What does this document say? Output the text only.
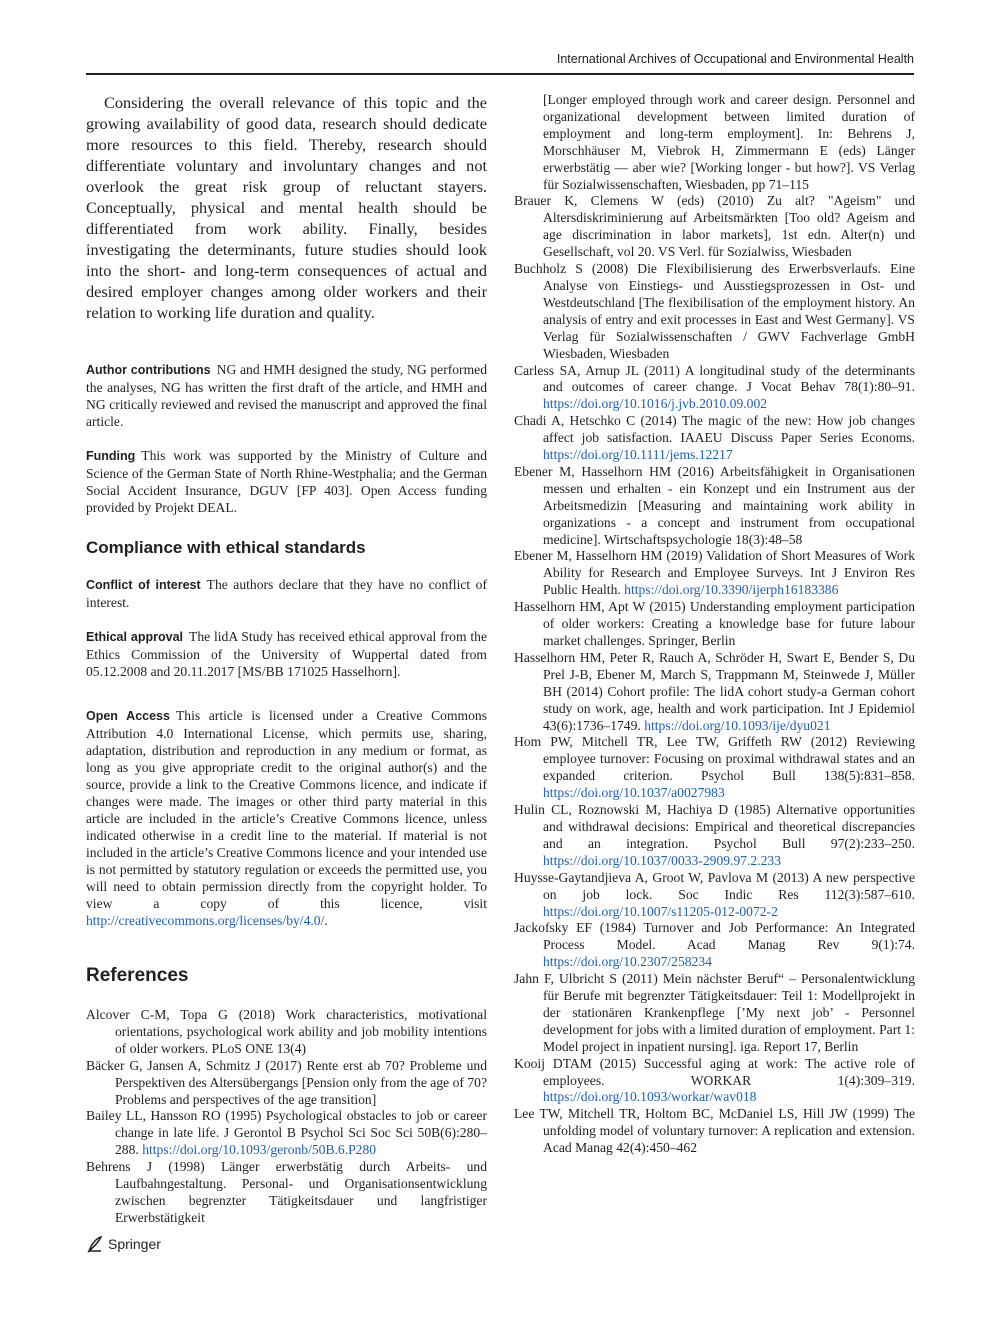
International Archives of Occupational and Environmental Health

Considering the overall relevance of this topic and the growing availability of good data, research should dedicate more resources to this field. Thereby, research should differentiate voluntary and involuntary changes and not overlook the great risk group of reluctant stayers. Conceptually, physical and mental health should be differentiated from work ability. Finally, besides investigating the determinants, future studies should look into the short- and long-term consequences of actual and desired employer changes among older workers and their relation to working life duration and quality.

Author contributions NG and HMH designed the study, NG performed the analyses, NG has written the first draft of the article, and HMH and NG critically reviewed and revised the manuscript and approved the final article.

Funding This work was supported by the Ministry of Culture and Science of the German State of North Rhine-Westphalia; and the German Social Accident Insurance, DGUV [FP 403]. Open Access funding provided by Projekt DEAL.

Compliance with ethical standards

Conflict of interest The authors declare that they have no conflict of interest.

Ethical approval The lidA Study has received ethical approval from the Ethics Commission of the University of Wuppertal dated from 05.12.2008 and 20.11.2017 [MS/BB 171025 Hasselhorn].

Open Access This article is licensed under a Creative Commons Attribution 4.0 International License, which permits use, sharing, adaptation, distribution and reproduction in any medium or format, as long as you give appropriate credit to the original author(s) and the source, provide a link to the Creative Commons licence, and indicate if changes were made. The images or other third party material in this article are included in the article’s Creative Commons licence, unless indicated otherwise in a credit line to the material. If material is not included in the article’s Creative Commons licence and your intended use is not permitted by statutory regulation or exceeds the permitted use, you will need to obtain permission directly from the copyright holder. To view a copy of this licence, visit http://creativecommons.org/licenses/by/4.0/.

References

Alcover C-M, Topa G (2018) Work characteristics, motivational orientations, psychological work ability and job mobility intentions of older workers. PLoS ONE 13(4)

Bäcker G, Jansen A, Schmitz J (2017) Rente erst ab 70? Probleme und Perspektiven des Altersübergangs [Pension only from the age of 70? Problems and perspectives of the age transition]

Bailey LL, Hansson RO (1995) Psychological obstacles to job or career change in late life. J Gerontol B Psychol Sci Soc Sci 50B(6):280–288. https://doi.org/10.1093/geronb/50B.6.P280

Behrens J (1998) Länger erwerbstätig durch Arbeits- und Laufbahngestaltung. Personal- und Organisationsentwicklung zwischen begrenzter Tätigkeitsdauer und langfristiger Erwerbstätigkeit

[Longer employed through work and career design. Personnel and organizational development between limited duration of employment and long-term employment]. In: Behrens J, Morschhäuser M, Viebrok H, Zimmermann E (eds) Länger erwerbstätig — aber wie? [Working longer - but how?]. VS Verlag für Sozialwissenschaften, Wiesbaden, pp 71–115

Brauer K, Clemens W (eds) (2010) Zu alt? "Ageism" und Altersdiskriminierung auf Arbeitsmärkten [Too old? Ageism and age discrimination in labor markets], 1st edn. Alter(n) und Gesellschaft, vol 20. VS Verl. für Sozialwiss, Wiesbaden

Buchholz S (2008) Die Flexibilisierung des Erwerbsverlaufs. Eine Analyse von Einstiegs- und Ausstiegsprozessen in Ost- und Westdeutschland [The flexibilisation of the employment history. An analysis of entry and exit processes in East and West Germany]. VS Verlag für Sozialwissenschaften / GWV Fachverlage GmbH Wiesbaden, Wiesbaden

Carless SA, Arnup JL (2011) A longitudinal study of the determinants and outcomes of career change. J Vocat Behav 78(1):80–91. https://doi.org/10.1016/j.jvb.2010.09.002

Chadi A, Hetschko C (2014) The magic of the new: How job changes affect job satisfaction. IAAEU Discuss Paper Series Economs. https://doi.org/10.1111/jems.12217

Ebener M, Hasselhorn HM (2016) Arbeitsfähigkeit in Organisationen messen und erhalten - ein Konzept und ein Instrument aus der Arbeitsmedizin [Measuring and maintaining work ability in organizations - a concept and instrument from occupational medicine]. Wirtschaftspsychologie 18(3):48–58

Ebener M, Hasselhorn HM (2019) Validation of Short Measures of Work Ability for Research and Employee Surveys. Int J Environ Res Public Health. https://doi.org/10.3390/ijerph16183386

Hasselhorn HM, Apt W (2015) Understanding employment participation of older workers: Creating a knowledge base for future labour market challenges. Springer, Berlin

Hasselhorn HM, Peter R, Rauch A, Schröder H, Swart E, Bender S, Du Prel J-B, Ebener M, March S, Trappmann M, Steinwede J, Müller BH (2014) Cohort profile: The lidA cohort study-a German cohort study on work, age, health and work participation. Int J Epidemiol 43(6):1736–1749. https://doi.org/10.1093/ije/dyu021

Hom PW, Mitchell TR, Lee TW, Griffeth RW (2012) Reviewing employee turnover: Focusing on proximal withdrawal states and an expanded criterion. Psychol Bull 138(5):831–858. https://doi.org/10.1037/a0027983

Hulin CL, Roznowski M, Hachiya D (1985) Alternative opportunities and withdrawal decisions: Empirical and theoretical discrepancies and an integration. Psychol Bull 97(2):233–250. https://doi.org/10.1037/0033-2909.97.2.233

Huysse-Gaytandjieva A, Groot W, Pavlova M (2013) A new perspective on job lock. Soc Indic Res 112(3):587–610. https://doi.org/10.1007/s11205-012-0072-2

Jackofsky EF (1984) Turnover and Job Performance: An Integrated Process Model. Acad Manag Rev 9(1):74. https://doi.org/10.2307/258234

Jahn F, Ulbricht S (2011) Mein nächster Beruf“ – Personalentwicklung für Berufe mit begrenzter Tätigkeitsdauer: Teil 1: Modellprojekt in der stationären Krankenpflege [’My next job’ - Personnel development for jobs with a limited duration of employment. Part 1: Model project in inpatient nursing]. iga. Report 17, Berlin

Kooij DTAM (2015) Successful aging at work: The active role of employees. WORKAR 1(4):309–319. https://doi.org/10.1093/workar/wav018

Lee TW, Mitchell TR, Holtom BC, McDaniel LS, Hill JW (1999) The unfolding model of voluntary turnover: A replication and extension. Acad Manag 42(4):450–462

Springer
